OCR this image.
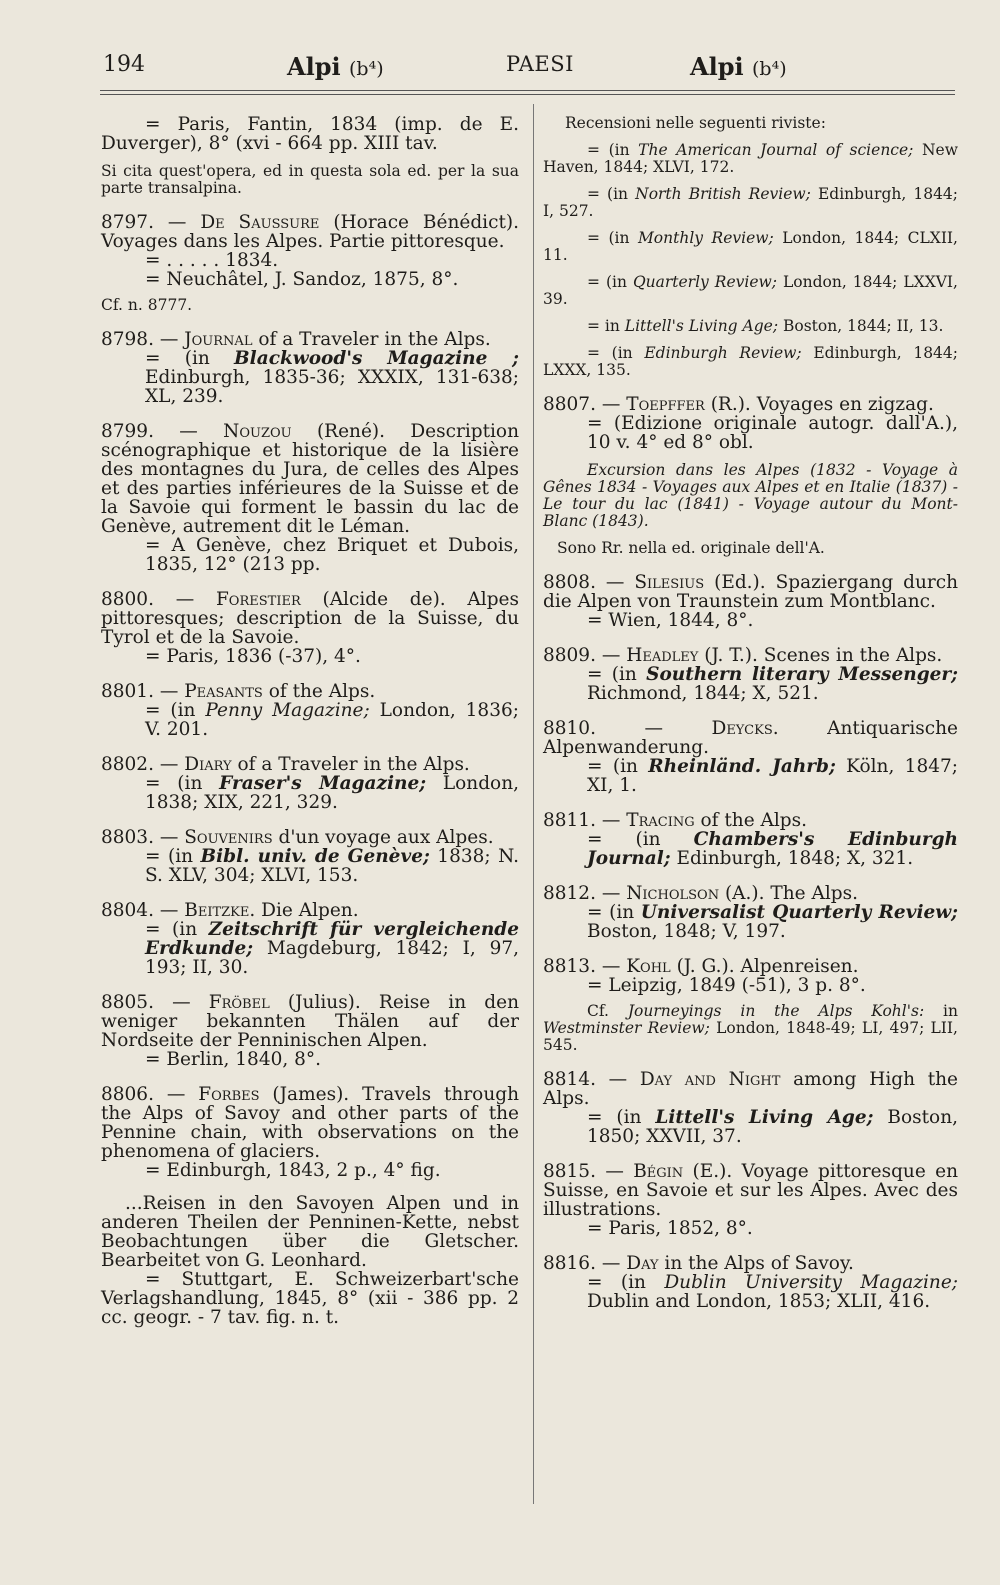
194	Alpi (b⁴)	PAESI	Alpi (b⁴)
= Paris, Fantin, 1834 (imp. de E. Duverger), 8° (xvi - 664 pp. XIII tav.
Si cita quest'opera, ed in questa sola ed. per la sua parte transalpina.
8797. — De Saussure (Horace Bénédict). Voyages dans les Alpes. Partie pittoresque.
= . . . . . 1834.
= Neuchâtel, J. Sandoz, 1875, 8°.
Cf. n. 8777.
8798. — Journal of a Traveler in the Alps.
= (in Blackwood's Magazine ; Edinburgh, 1835-36; XXXIX, 131-638; XL, 239.
8799. — Nouzou (René). Description scénographique et historique de la lisière des montagnes du Jura, de celles des Alpes et des parties inférieures de la Suisse et de la Savoie qui forment le bassin du lac de Genève, autrement dit le Léman.
= A Genève, chez Briquet et Dubois, 1835, 12° (213 pp.
8800. — Forestier (Alcide de). Alpes pittoresques; description de la Suisse, du Tyrol et de la Savoie.
= Paris, 1836 (-37), 4°.
8801. — Peasants of the Alps.
= (in Penny Magazine; London, 1836; V. 201.
8802. — Diary of a Traveler in the Alps.
= (in Fraser's Magazine; London, 1838; XIX, 221, 329.
8803. — Souvenirs d'un voyage aux Alpes.
= (in Bibl. univ. de Genève; 1838; N. S. XLV, 304; XLVI, 153.
8804. — Beitzke. Die Alpen.
= (in Zeitschrift für vergleichende Erdkunde; Magdeburg, 1842; I, 97, 193; II, 30.
8805. — Fröbel (Julius). Reise in den weniger bekannten Thälen auf der Nordseite der Penninischen Alpen.
= Berlin, 1840, 8°.
8806. — Forbes (James). Travels through the Alps of Savoy and other parts of the Pennine chain, with observations on the phenomena of glaciers.
= Edinburgh, 1843, 2 p., 4° fig.
...Reisen in den Savoyen Alpen und in anderen Theilen der Penninen-Kette, nebst Beobachtungen über die Gletscher. Bearbeitet von G. Leonhard.
= Stuttgart, E. Schweizerbart'sche Verlagshandlung, 1845, 8° (xii - 386 pp. 2 cc. geogr. - 7 tav. fig. n. t.
Recensioni nelle seguenti riviste:
= (in The American Journal of science; New Haven, 1844; XLVI, 172.
= (in North British Review; Edinburgh, 1844; I, 527.
= (in Monthly Review; London, 1844; CLXII, 11.
= (in Quarterly Review; London, 1844; LXXVI, 39.
= in Littell's Living Age; Boston, 1844; II, 13.
= (in Edinburgh Review; Edinburgh, 1844; LXXX, 135.
8807. — Toepffer (R.). Voyages en zigzag.
= (Edizione originale autogr. dall'A.), 10 v. 4° ed 8° obl.
Excursion dans les Alpes (1832 - Voyage à Gênes 1834 - Voyages aux Alpes et en Italie (1837) - Le tour du lac (1841) - Voyage autour du Mont-Blanc (1843).
Sono Rr. nella ed. originale dell'A.
8808. — Silesius (Ed.). Spaziergang durch die Alpen von Traunstein zum Montblanc.
= Wien, 1844, 8°.
8809. — Headley (J. T.). Scenes in the Alps.
= (in Southern literary Messenger; Richmond, 1844; X, 521.
8810. — Deycks. Antiquarische Alpenwanderung.
= (in Rheinländ. Jahrb; Köln, 1847; XI, 1.
8811. — Tracing of the Alps.
= (in Chambers's Edinburgh Journal; Edinburgh, 1848; X, 321.
8812. — Nicholson (A.). The Alps.
= (in Universalist Quarterly Review; Boston, 1848; V, 197.
8813. — Kohl (J. G.). Alpenreisen.
= Leipzig, 1849 (-51), 3 p. 8°.
Cf. Journeyings in the Alps Kohl's: in Westminster Review; London, 1848-49; LI, 497; LII, 545.
8814. — Day and Night among High the Alps.
= (in Littell's Living Age; Boston, 1850; XXVII, 37.
8815. — Bégin (E.). Voyage pittoresque en Suisse, en Savoie et sur les Alpes. Avec des illustrations.
= Paris, 1852, 8°.
8816. — Day in the Alps of Savoy.
= (in Dublin University Magazine; Dublin and London, 1853; XLII, 416.
